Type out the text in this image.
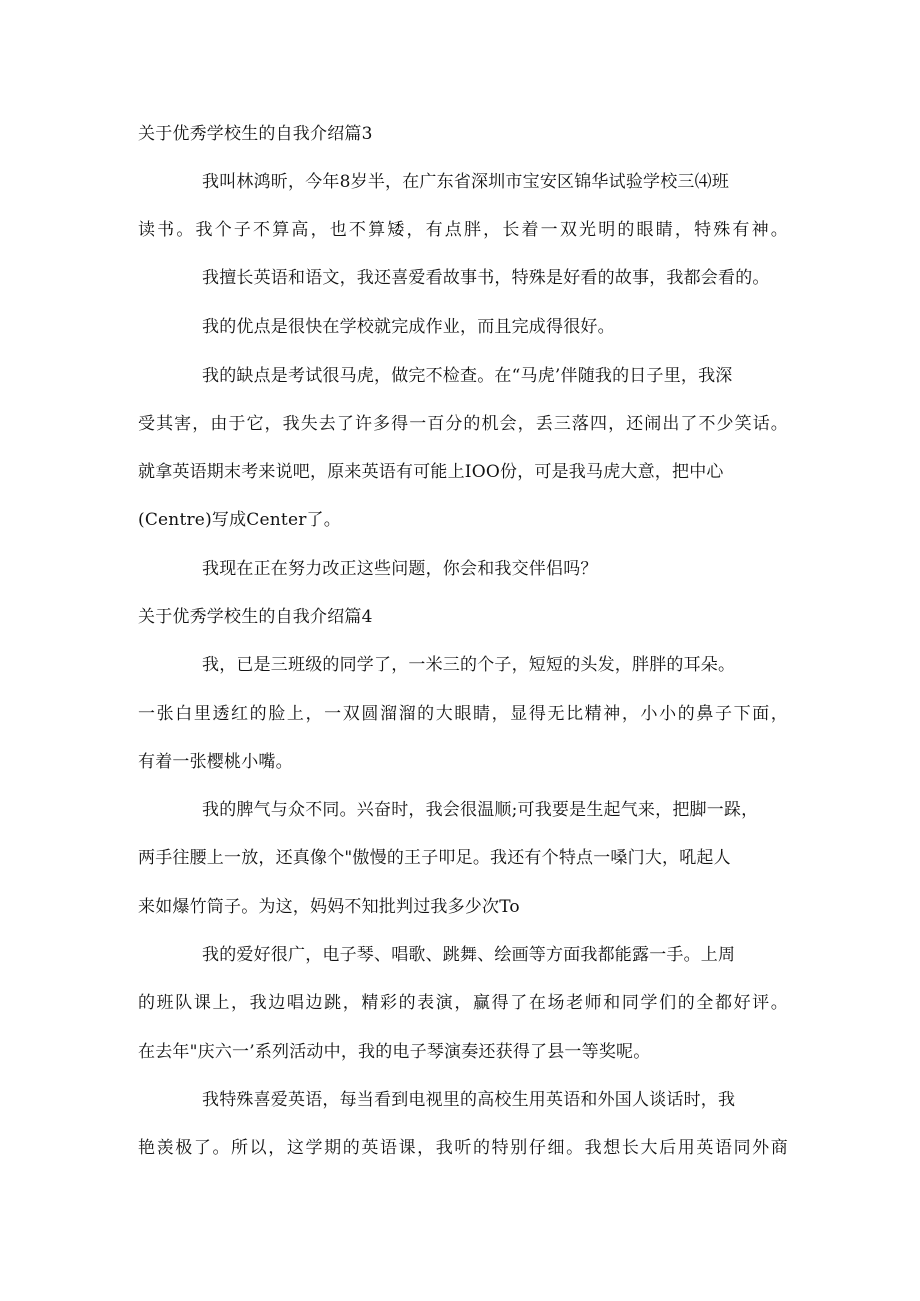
关于优秀学校生的自我介绍篇3
我叫林鸿昕，今年8岁半，在广东省深圳市宝安区锦华试验学校三⑷班
读书。我个子不算高，也不算矮，有点胖，长着一双光明的眼睛，特殊有神。
我擅长英语和语文，我还喜爱看故事书，特殊是好看的故事，我都会看的。
我的优点是很快在学校就完成作业，而且完成得很好。
我的缺点是考试很马虎，做完不检查。在“马虎’伴随我的日子里，我深
受其害，由于它，我失去了许多得一百分的机会，丢三落四，还闹出了不少笑话。
就拿英语期末考来说吧，原来英语有可能上IOO份，可是我马虎大意，把中心
(Centre)写成Center了。
我现在正在努力改正这些问题，你会和我交伴侣吗？
关于优秀学校生的自我介绍篇4
我，已是三班级的同学了，一米三的个子，短短的头发，胖胖的耳朵。
一张白里透红的脸上，一双圆溜溜的大眼睛，显得无比精神，小小的鼻子下面，
有着一张樱桃小嘴。
我的脾气与众不同。兴奋时，我会很温顺;可我要是生起气来，把脚一跺，
两手往腰上一放，还真像个"傲慢的王子叩足。我还有个特点一嗓门大，吼起人
来如爆竹筒子。为这，妈妈不知批判过我多少次To
我的爱好很广，电子琴、唱歌、跳舞、绘画等方面我都能露一手。上周
的班队课上，我边唱边跳，精彩的表演，赢得了在场老师和同学们的全都好评。
在去年"庆六一’系列活动中，我的电子琴演奏还获得了县一等奖呢。
我特殊喜爱英语，每当看到电视里的高校生用英语和外国人谈话时，我
艳羡极了。所以，这学期的英语课，我听的特别仔细。我想长大后用英语同外商
